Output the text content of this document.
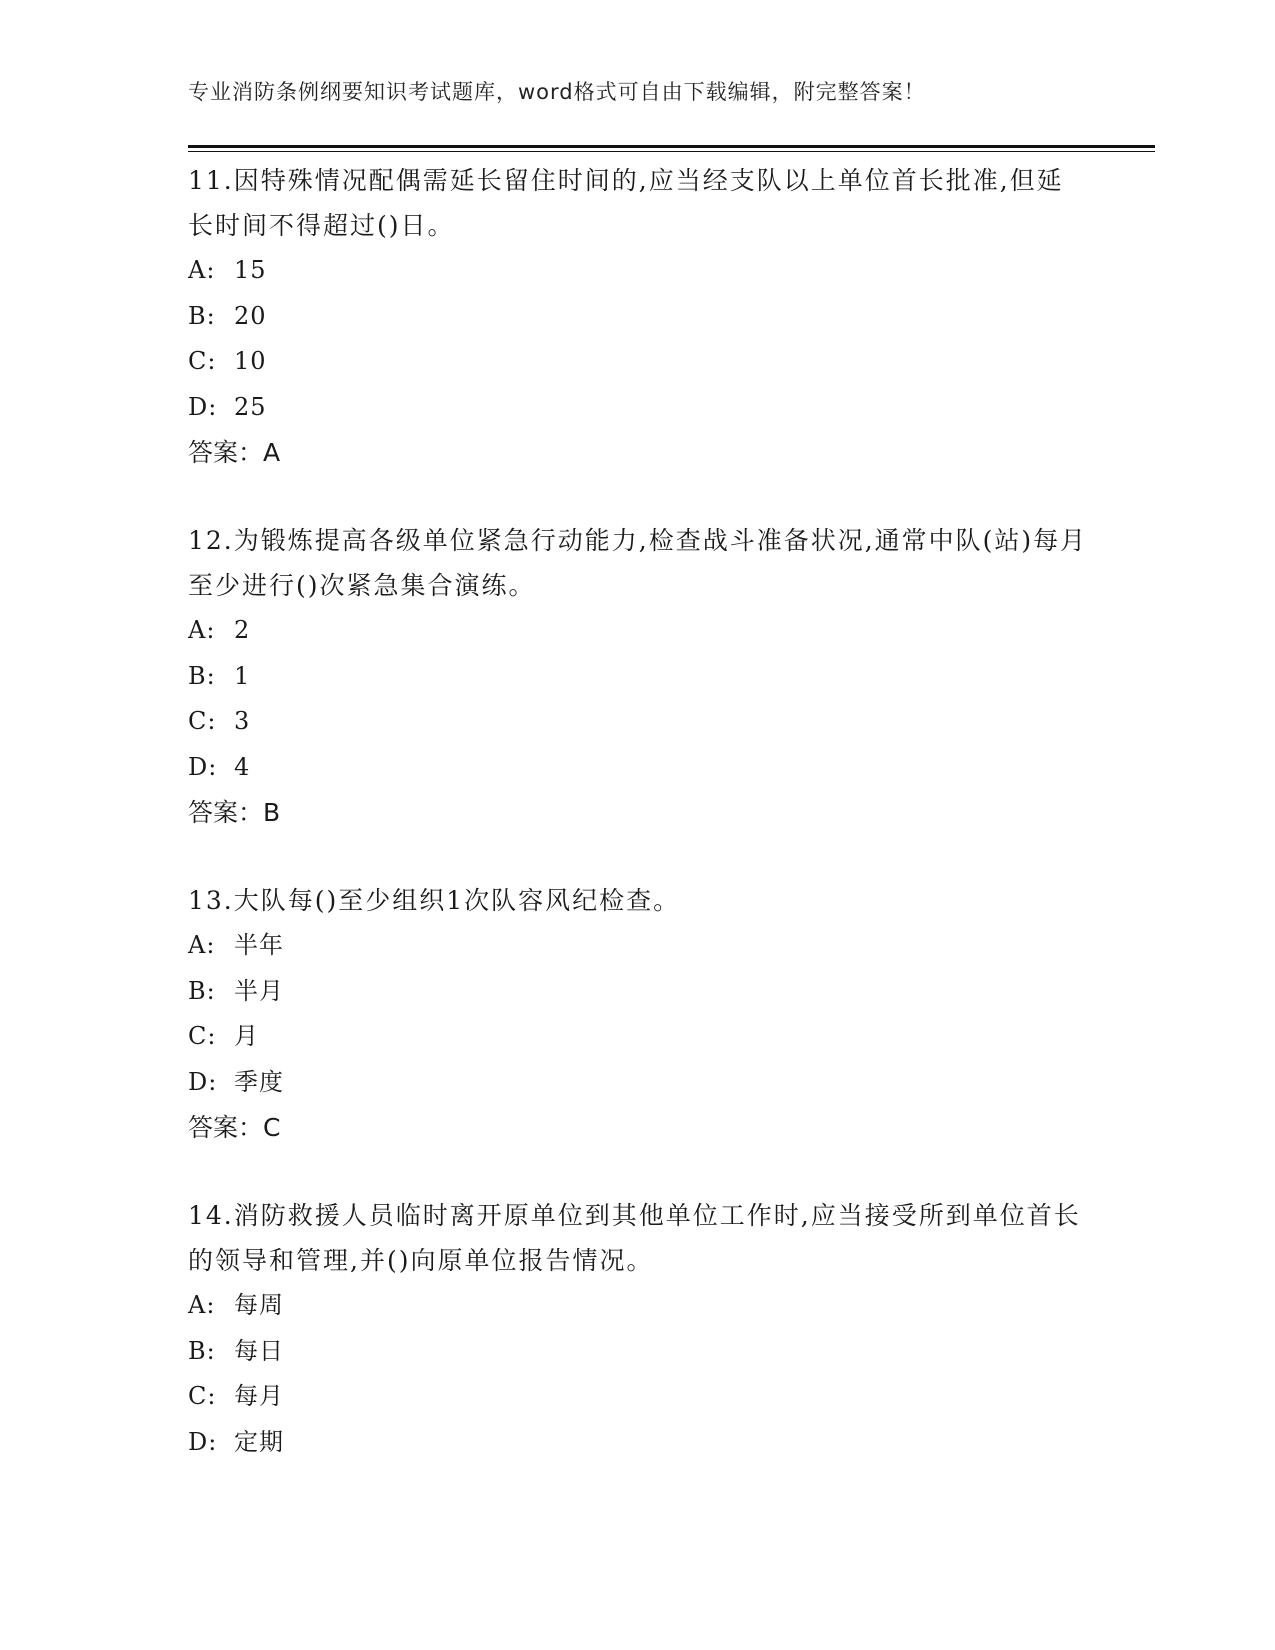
专业消防条例纲要知识考试题库，word格式可自由下载编辑，附完整答案！

11.因特殊情况配偶需延长留住时间的,应当经支队以上单位首长批准,但延长时间不得超过()日。

A: 15

B: 20

C: 10

D: 25

答案：A

12.为锻炼提高各级单位紧急行动能力,检查战斗准备状况,通常中队(站)每月至少进行()次紧急集合演练。

A: 2

B: 1

C: 3

D: 4

答案：B

13.大队每()至少组织1次队容风纪检查。

A: 半年

B: 半月

C: 月

D: 季度

答案：C

14.消防救援人员临时离开原单位到其他单位工作时,应当接受所到单位首长的领导和管理,并()向原单位报告情况。

A: 每周

B: 每日

C: 每月

D: 定期
